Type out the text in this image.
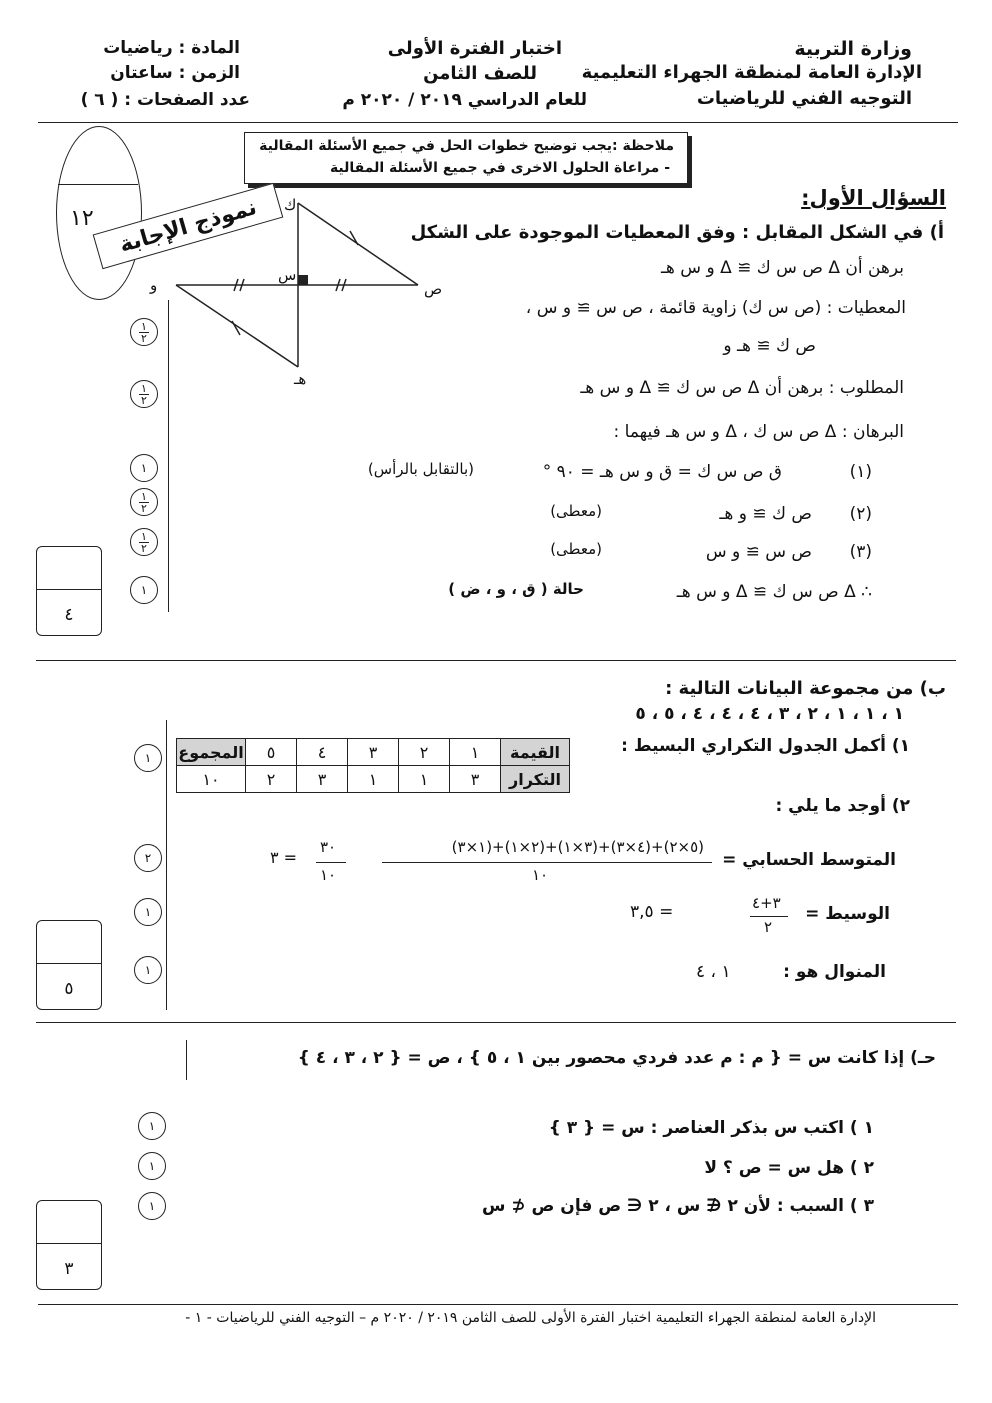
وزارة التربية
الإدارة العامة لمنطقة الجهراء التعليمية
التوجيه الفني للرياضيات
اختبار الفترة الأولى
للصف الثامن
للعام الدراسي ٢٠١٩ / ٢٠٢٠ م
المادة : رياضيات
الزمن : ساعتان
عدد الصفحات : ( ٦ )
ملاحظة :يجب توضيح خطوات الحل في جميع الأسئلة المقالية
- مراعاة الحلول الاخرى في جميع الأسئلة المقالية
١٢ نموذج الإجابة	السؤال الأول:
أ) في الشكل المقابل : وفق المعطيات الموجودة على الشكل
ك
س
و	ص
هـ
برهن أن Δ ص س ك ≅ Δ و س هـ
المعطيات : (ص س ك) زاوية قائمة ، ص س ≅ و س ،
ص ك ≅ هـ و
المطلوب : برهن أن Δ ص س ك ≅ Δ و س هـ
البرهان : Δ ص س ك ، Δ و س هـ فيهما :
(١)
ق ص س ك = ق و س هـ = ٩٠ °
(بالتقابل بالرأس)
(٢)
ص ك ≅ و هـ
(معطى)
(٣)
ص س ≅ و س
(معطى)
∴ Δ ص س ك ≅ Δ و س هـ
حالة ( ق ، و ، ض )
$\frac{١}{٢}$
$\frac{١}{٢}$
١
$\frac{١}{٢}$
$\frac{١}{٢}$
١
٤
ب) من مجموعة البيانات التالية :
١ ، ١ ، ١ ، ٢ ، ٣ ، ٤ ، ٤ ، ٤ ، ٥ ، ٥
١) أكمل الجدول التكراري البسيط :
القيمة	١	٢	٣	٤	٥	المجموع
التكرار	٣	١	١	٣	٢	١٠
٢) أوجد ما يلي :
المتوسط الحسابي =
(١×٣)+(٢×١)+(٣×١)+(٤×٣)+(٥×٢)
١٠
٣٠
١٠
= ٣
الوسيط =
٣+٤
٢
= ٣,٥
المنوال هو :
١ ، ٤
١
٢
١
١
٥
حـ) إذا كانت س = { م : م عدد فردي محصور بين ١ ، ٥ } ، ص = { ٢ ، ٣ ، ٤ }
١ ) اكتب س بذكر العناصر : س = { ٣ }
٢ ) هل س = ص ؟ لا
٣ ) السبب : لأن ٢ ∉ س ، ٢ ∈ ص فإن ص ⊄ س
١
١
١
٣
الإدارة العامة لمنطقة الجهراء التعليمية اختبار الفترة الأولى للصف الثامن ٢٠١٩ / ٢٠٢٠ م – التوجيه الفني للرياضيات - ١ -
